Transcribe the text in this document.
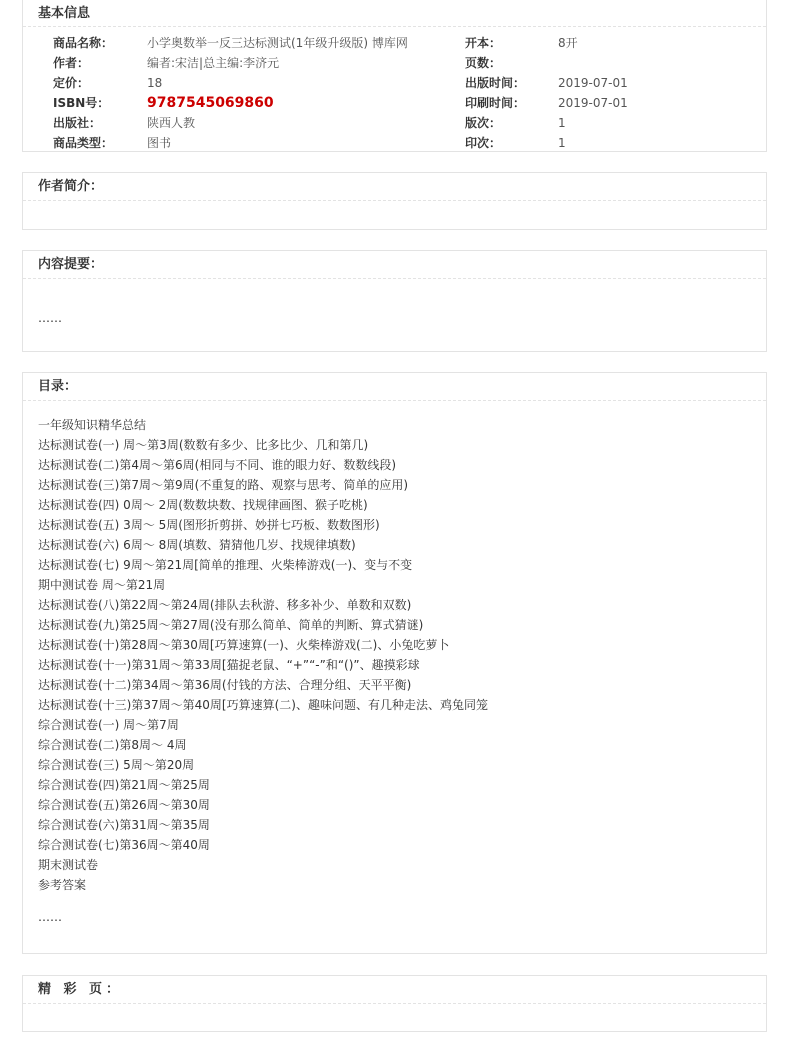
基本信息
商品名称：	小学奥数举一反三达标测试(1年级升级版) 博库网	开本：	8开
作者：	编者:宋洁|总主编:李济元	页数：
定价：	18	出版时间：	2019-07-01
ISBN号：	9787545069860	印刷时间：	2019-07-01
出版社：	陕西人教	版次：	1
商品类型：	图书	印次：	1
作者简介：
内容提要：
……
目录：
一年级知识精华总结
达标测试卷(一) 周～第3周(数数有多少、比多比少、几和第几)
达标测试卷(二)第4周～第6周(相同与不同、谁的眼力好、数数线段)
达标测试卷(三)第7周～第9周(不重复的路、观察与思考、简单的应用)
达标测试卷(四) 0周～ 2周(数数块数、找规律画图、猴子吃桃)
达标测试卷(五) 3周～ 5周(图形折剪拼、妙拼七巧板、数数图形)
达标测试卷(六) 6周～ 8周(填数、猜猜他几岁、找规律填数)
达标测试卷(七) 9周～第21周[简单的推理、火柴棒游戏(一)、变与不变
期中测试卷 周～第21周
达标测试卷(八)第22周～第24周(排队去秋游、移多补少、单数和双数)
达标测试卷(九)第25周～第27周(没有那么简单、简单的判断、算式猜谜)
达标测试卷(十)第28周～第30周[巧算速算(一)、火柴棒游戏(二)、小兔吃萝卜
达标测试卷(十一)第31周～第33周[猫捉老鼠、“+”“-”和“()”、趣摸彩球
达标测试卷(十二)第34周～第36周(付钱的方法、合理分组、天平平衡)
达标测试卷(十三)第37周～第40周[巧算速算(二)、趣味问题、有几种走法、鸡兔同笼
综合测试卷(一) 周～第7周
综合测试卷(二)第8周～ 4周
综合测试卷(三) 5周～第20周
综合测试卷(四)第21周～第25周
综合测试卷(五)第26周～第30周
综合测试卷(六)第31周～第35周
综合测试卷(七)第36周～第40周
期末测试卷
参考答案
……
精 彩 页：
